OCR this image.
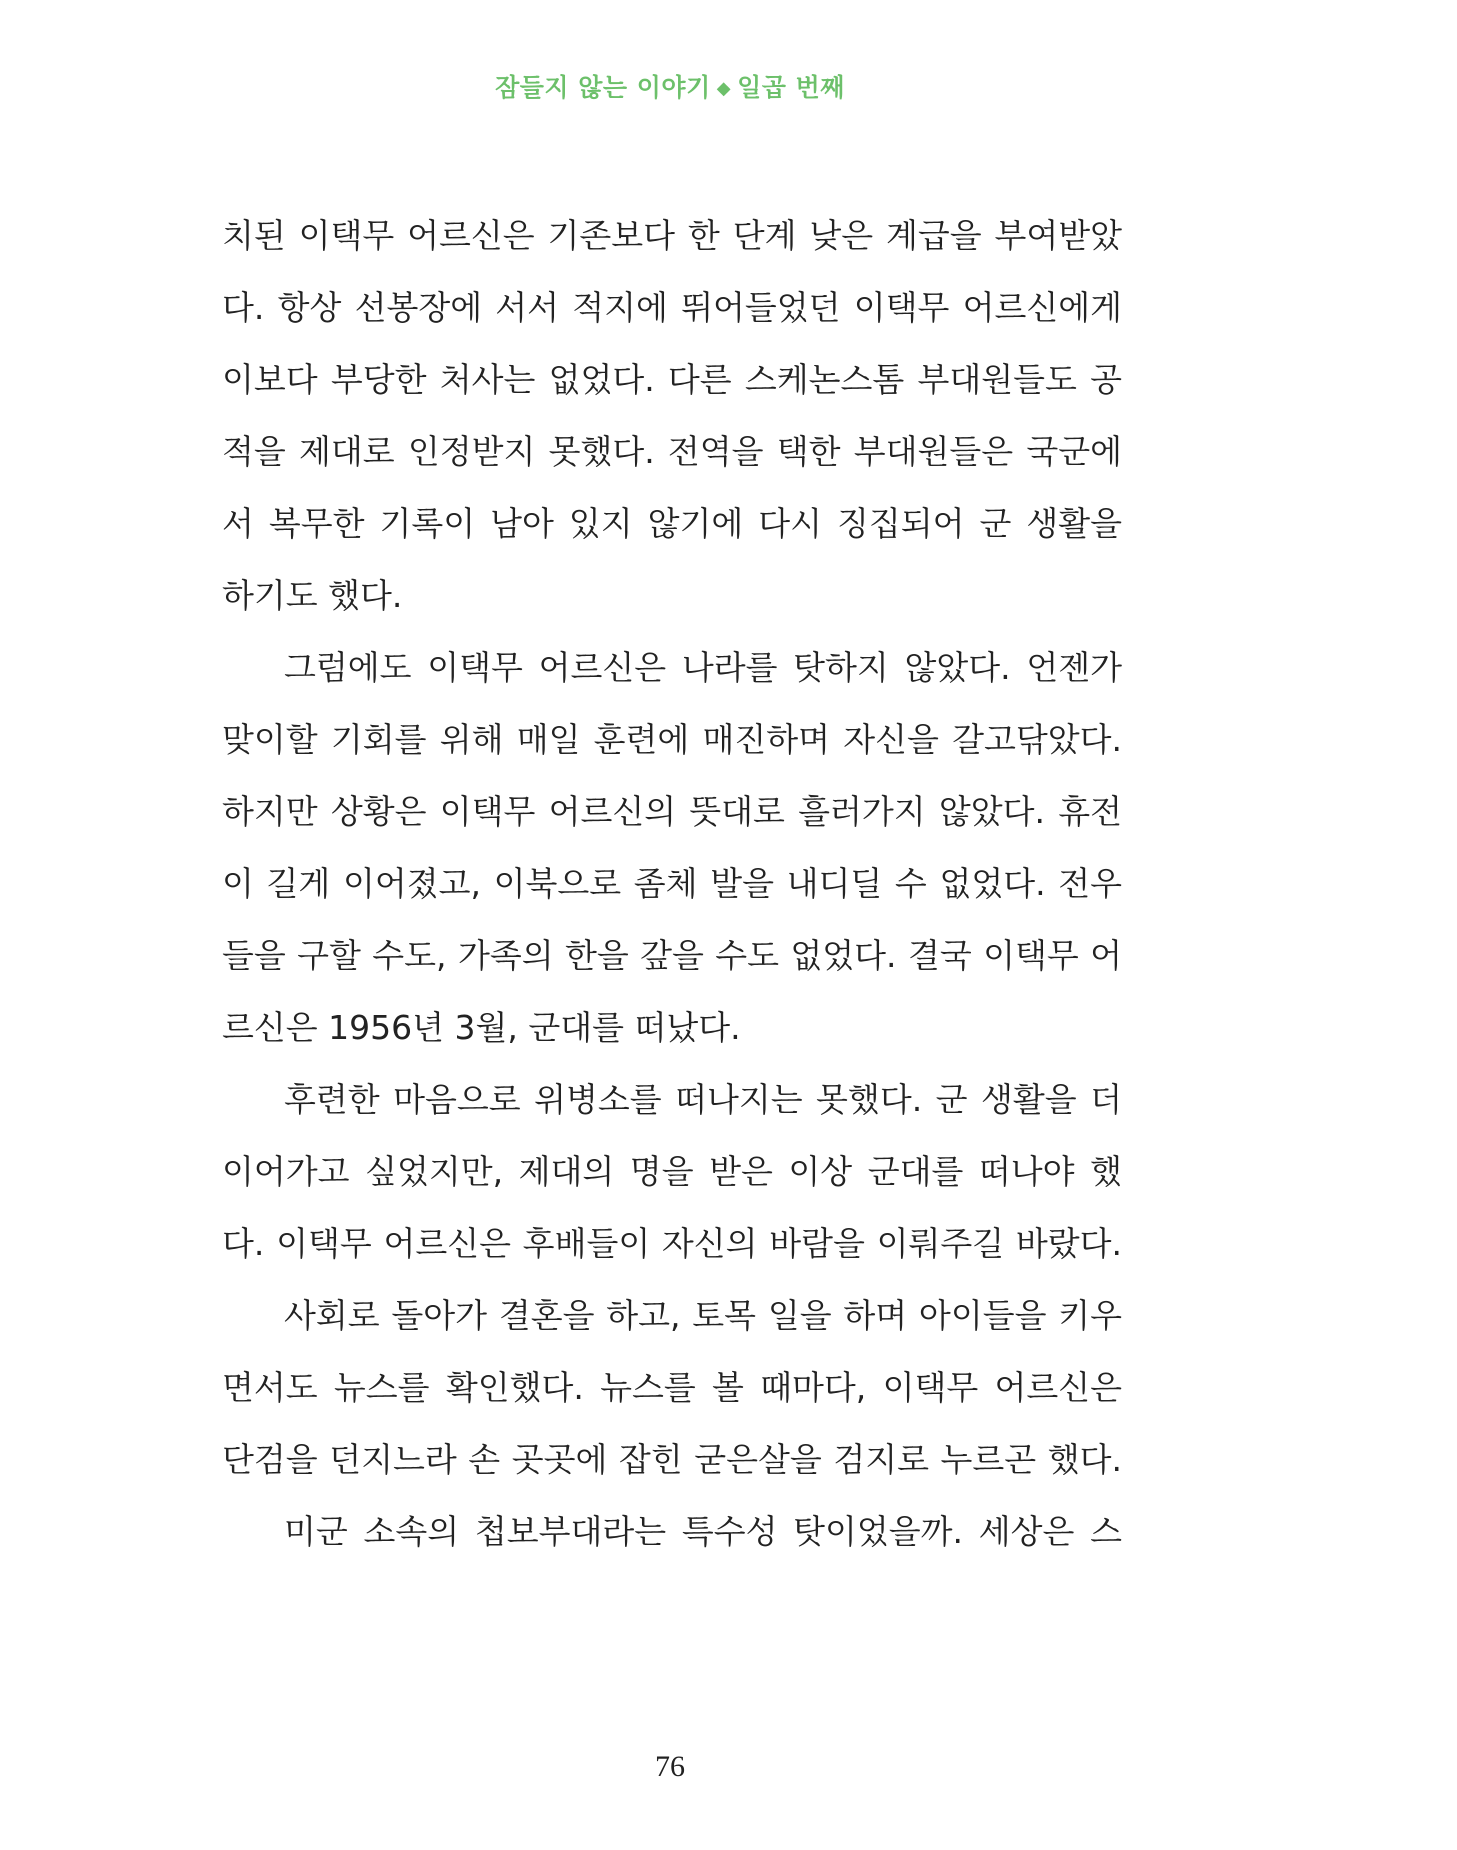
잠들지 않는 이야기 ◆ 일곱 번째
치된 이택무 어르신은 기존보다 한 단계 낮은 계급을 부여받았
다. 항상 선봉장에 서서 적지에 뛰어들었던 이택무 어르신에게
이보다 부당한 처사는 없었다. 다른 스케논스톰 부대원들도 공
적을 제대로 인정받지 못했다. 전역을 택한 부대원들은 국군에
서 복무한 기록이 남아 있지 않기에 다시 징집되어 군 생활을
하기도 했다.
그럼에도 이택무 어르신은 나라를 탓하지 않았다. 언젠가
맞이할 기회를 위해 매일 훈련에 매진하며 자신을 갈고닦았다.
하지만 상황은 이택무 어르신의 뜻대로 흘러가지 않았다. 휴전
이 길게 이어졌고, 이북으로 좀체 발을 내디딜 수 없었다. 전우
들을 구할 수도, 가족의 한을 갚을 수도 없었다. 결국 이택무 어
르신은 1956년 3월, 군대를 떠났다.
후련한 마음으로 위병소를 떠나지는 못했다. 군 생활을 더
이어가고 싶었지만, 제대의 명을 받은 이상 군대를 떠나야 했
다. 이택무 어르신은 후배들이 자신의 바람을 이뤄주길 바랐다.
사회로 돌아가 결혼을 하고, 토목 일을 하며 아이들을 키우
면서도 뉴스를 확인했다. 뉴스를 볼 때마다, 이택무 어르신은
단검을 던지느라 손 곳곳에 잡힌 굳은살을 검지로 누르곤 했다.
미군 소속의 첩보부대라는 특수성 탓이었을까. 세상은 스
76
